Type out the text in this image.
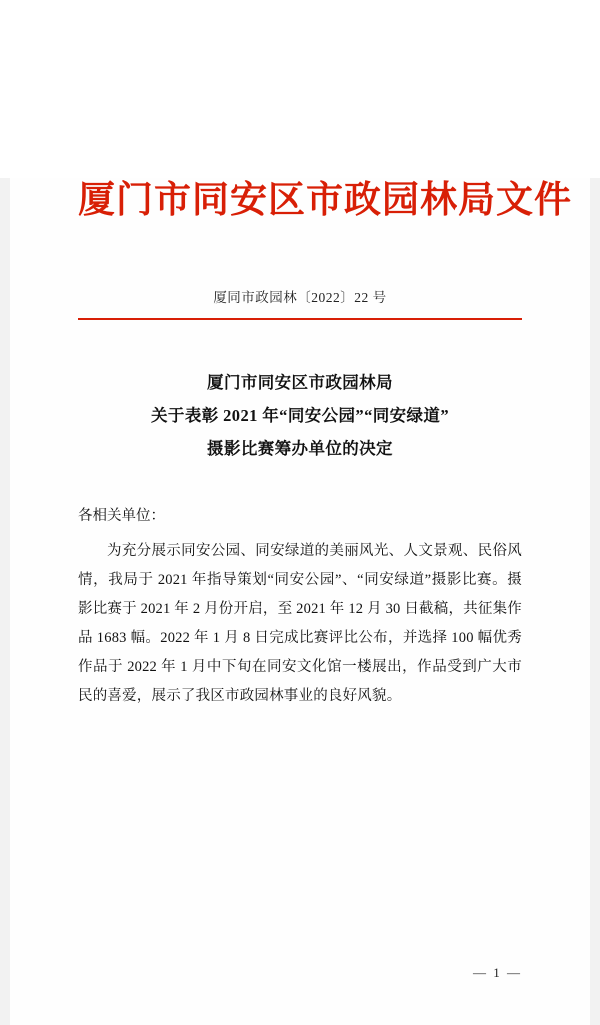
厦门市同安区市政园林局文件
厦同市政园林〔2022〕22 号
厦门市同安区市政园林局
关于表彰 2021 年“同安公园”“同安绿道”
摄影比赛筹办单位的决定
各相关单位：
为充分展示同安公园、同安绿道的美丽风光、人文景观、民俗风情，我局于 2021 年指导策划“同安公园”、“同安绿道”摄影比赛。摄影比赛于 2021 年 2 月份开启，至 2021 年 12 月 30 日截稿，共征集作品 1683 幅。2022 年 1 月 8 日完成比赛评比公布，并选择 100 幅优秀作品于 2022 年 1 月中下旬在同安文化馆一楼展出，作品受到广大市民的喜爱，展示了我区市政园林事业的良好风貌。
— 1 —
